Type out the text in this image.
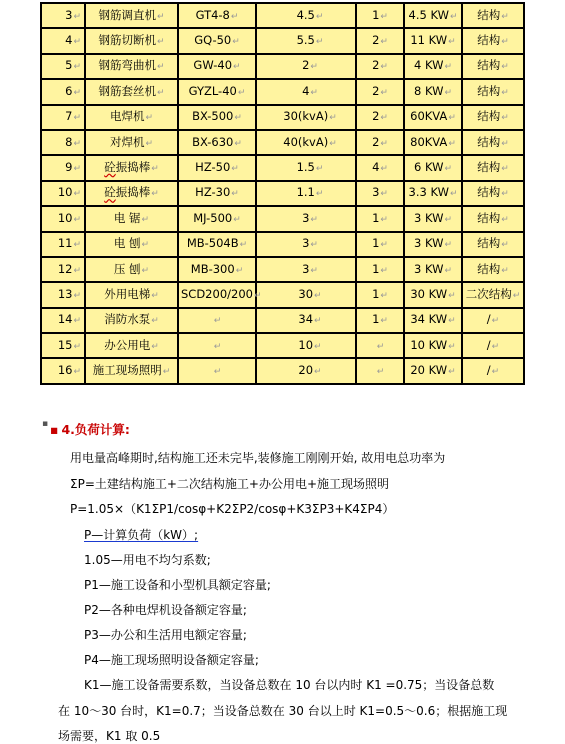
3↵	钢筋调直机↵	GT4-8↵	4.5↵	1↵	4.5 KW↵	结构↵
4↵	钢筋切断机↵	GQ-50↵	5.5↵	2↵	11 KW↵	结构↵
5↵	钢筋弯曲机↵	GW-40↵	2↵	2↵	4 KW↵	结构↵
6↵	钢筋套丝机↵	GYZL-40↵	4↵	2↵	8 KW↵	结构↵
7↵	电焊机↵	BX-500↵	30(kvA)↵	2↵	60KVA↵	结构↵
8↵	对焊机↵	BX-630↵	40(kvA)↵	2↵	80KVA↵	结构↵
9↵	砼振捣棒↵	HZ-50↵	1.5↵	4↵	6 KW↵	结构↵
10↵	砼振捣棒↵	HZ-30↵	1.1↵	3↵	3.3 KW↵	结构↵
10↵	电 锯↵	MJ-500↵	3↵	1↵	3 KW↵	结构↵
11↵	电 刨↵	MB-504B↵	3↵	1↵	3 KW↵	结构↵
12↵	压 刨↵	MB-300↵	3↵	1↵	3 KW↵	结构↵
13↵	外用电梯↵	SCD200/200↵	30↵	1↵	30 KW↵	二次结构↵
14↵	消防水泵↵	↵	34↵	1↵	34 KW↵	/↵
15↵	办公用电↵	↵	10↵	↵	10 KW↵	/↵
16↵	施工现场照明↵	↵	20↵	↵	20 KW↵	/↵
▪ ▪ 4.负荷计算:
用电量高峰期时,结构施工还未完毕,装修施工刚刚开始, 故用电总功率为
ΣP=土建结构施工+二次结构施工+办公用电+施工现场照明
P=1.05×（K1ΣP1/cosφ+K2ΣP2/cosφ+K3ΣP3+K4ΣP4）
P—计算负荷（kW）;
1.05—用电不均匀系数;
P1—施工设备和小型机具额定容量;
P2—各种电焊机设备额定容量;
P3—办公和生活用电额定容量;
P4—施工现场照明设备额定容量;
K1—施工设备需要系数，当设备总数在 10 台以内时 K1 =0.75；当设备总数
在 10～30 台时，K1=0.7；当设备总数在 30 台以上时 K1=0.5～0.6；根据施工现
场需要，K1 取 0.5
